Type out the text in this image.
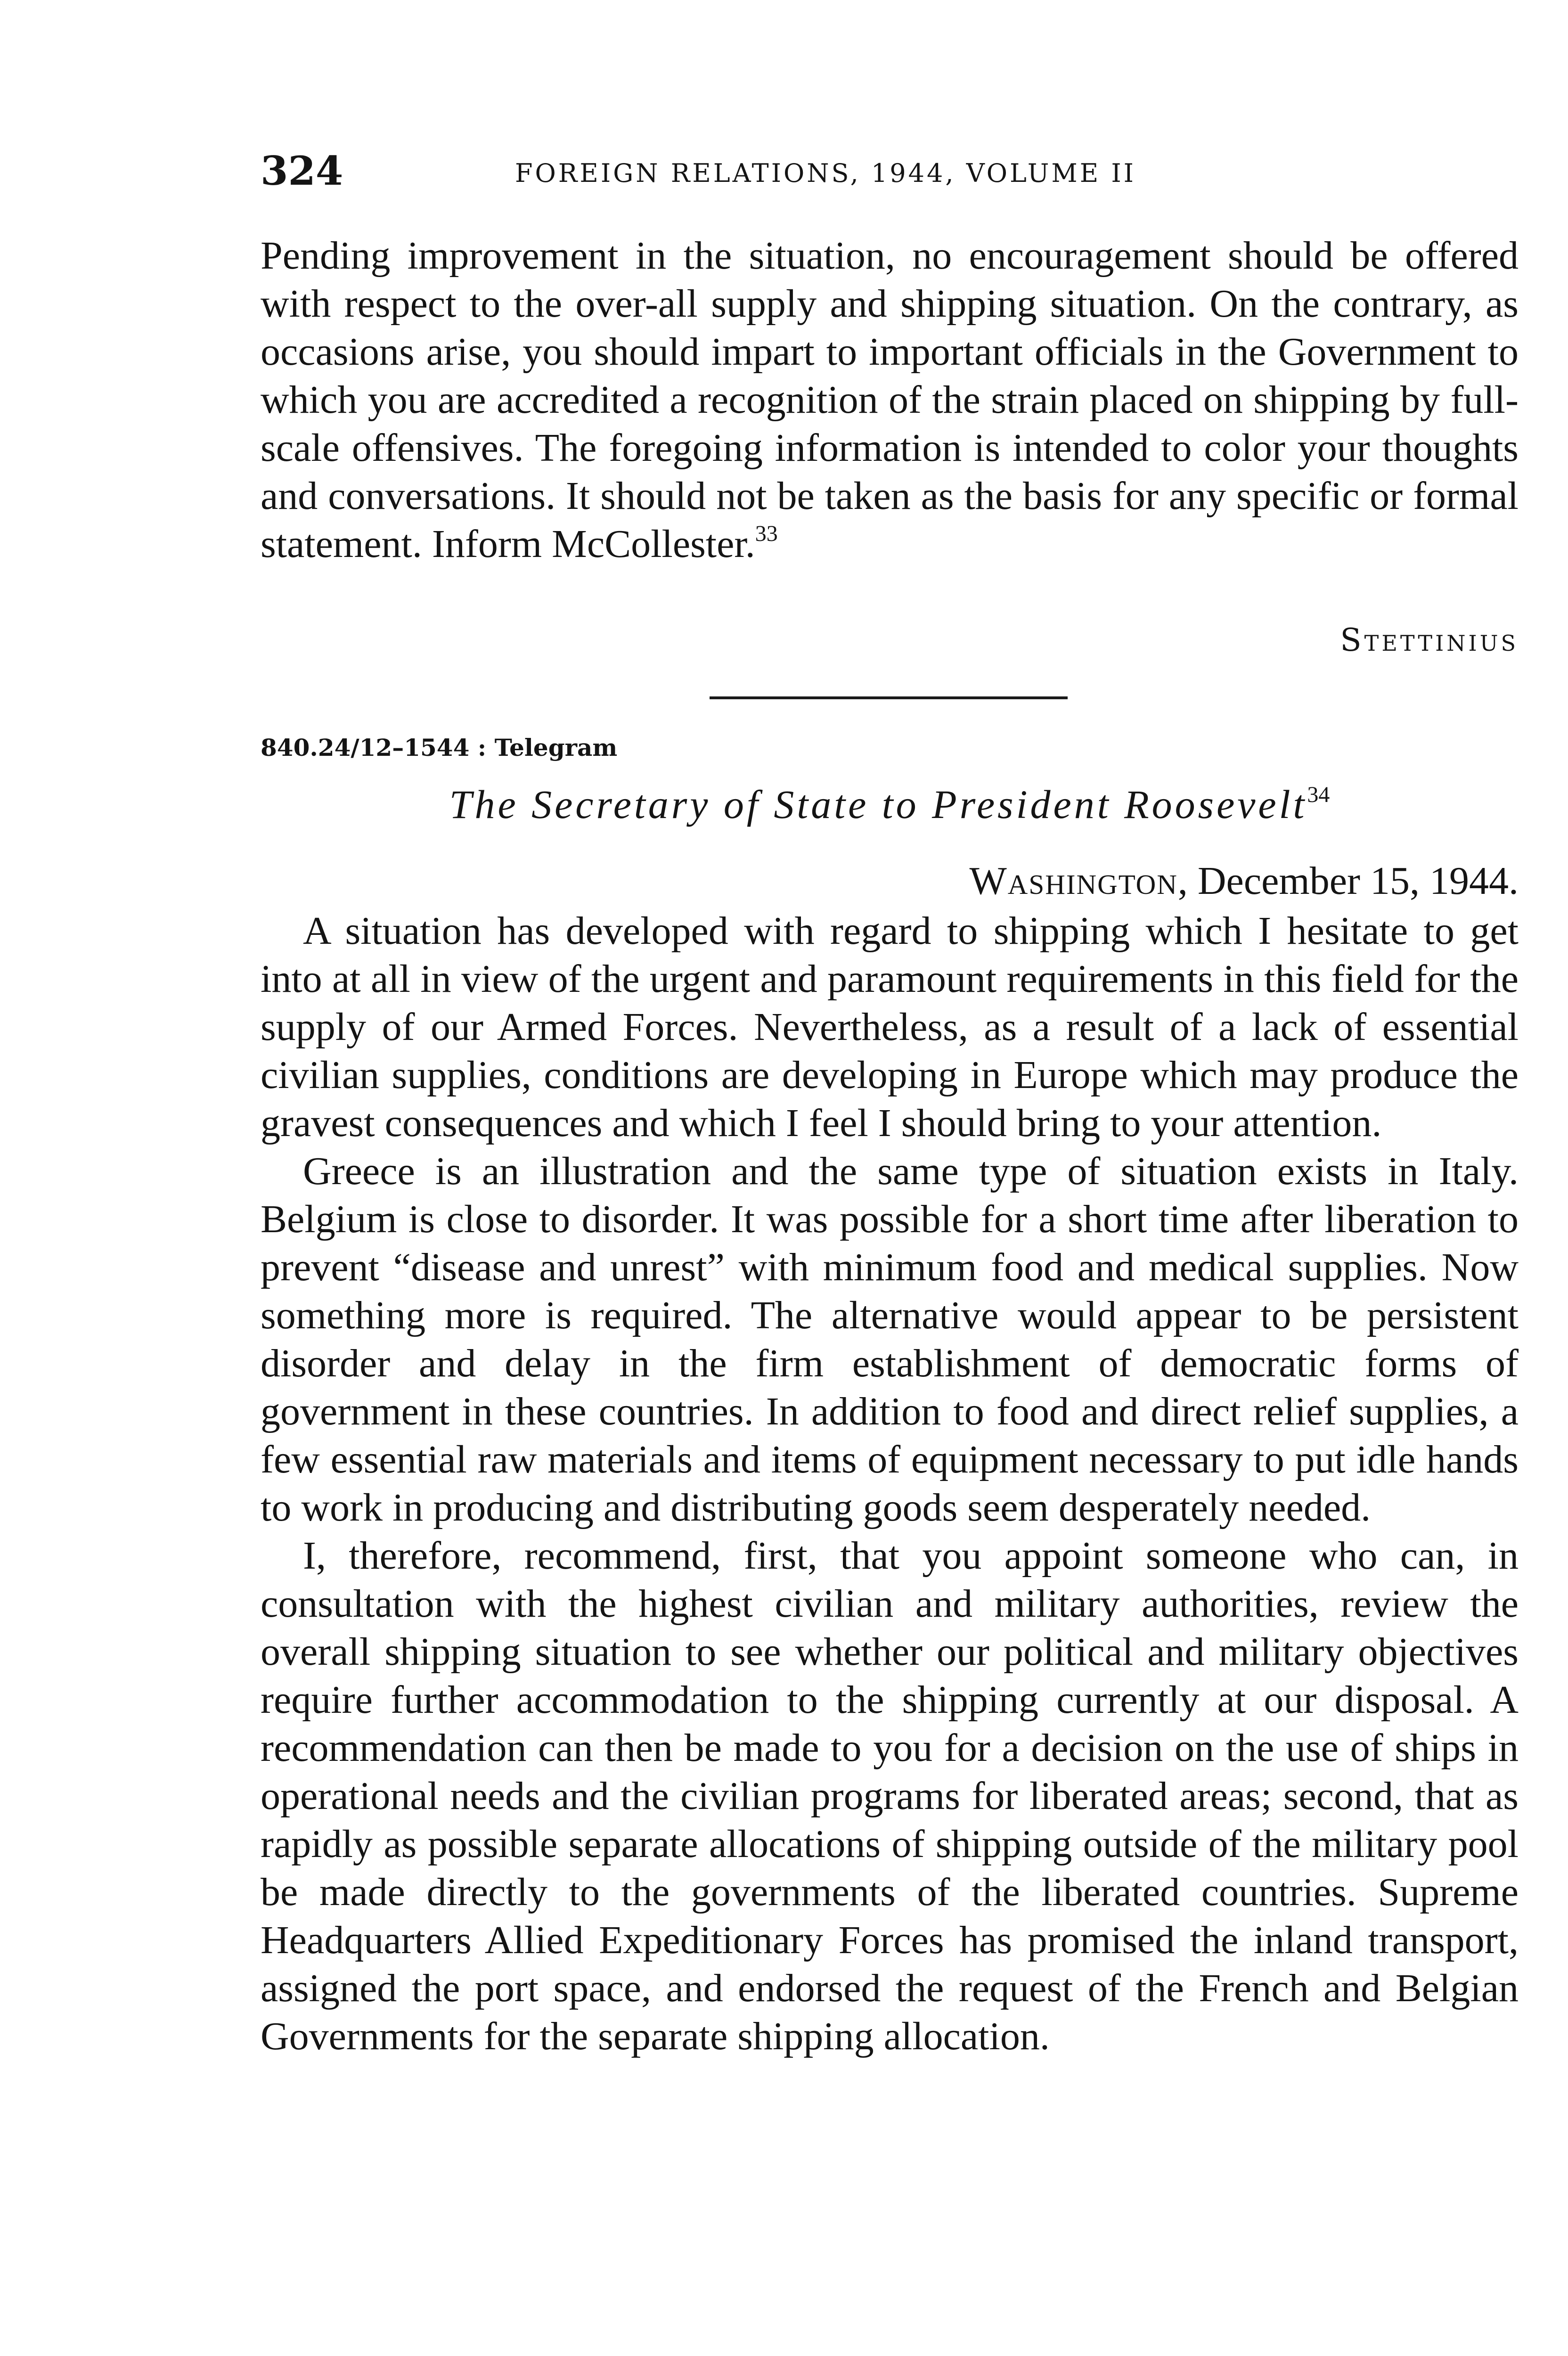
324	FOREIGN RELATIONS, 1944, VOLUME II

Pending improvement in the situation, no encouragement should be offered with respect to the over-all supply and shipping situation. On the contrary, as occasions arise, you should impart to important officials in the Government to which you are accredited a recognition of the strain placed on shipping by full-scale offensives. The foregoing information is intended to color your thoughts and conversations. It should not be taken as the basis for any specific or formal statement. Inform McCollester.$^{33}$

Stettinius
840.24/12–1544 : Telegram
The Secretary of State to President Roosevelt$^{34}$
Washington, December 15, 1944.

A situation has developed with regard to shipping which I hesitate to get into at all in view of the urgent and paramount requirements in this field for the supply of our Armed Forces. Nevertheless, as a result of a lack of essential civilian supplies, conditions are developing in Europe which may produce the gravest consequences and which I feel I should bring to your attention.

Greece is an illustration and the same type of situation exists in Italy. Belgium is close to disorder. It was possible for a short time after liberation to prevent “disease and unrest” with minimum food and medical supplies. Now something more is required. The alternative would appear to be persistent disorder and delay in the firm establishment of democratic forms of government in these countries. In addition to food and direct relief supplies, a few essential raw materials and items of equipment necessary to put idle hands to work in producing and distributing goods seem desperately needed.

I, therefore, recommend, first, that you appoint someone who can, in consultation with the highest civilian and military authorities, review the overall shipping situation to see whether our political and military objectives require further accommodation to the shipping currently at our disposal. A recommendation can then be made to you for a decision on the use of ships in operational needs and the civilian programs for liberated areas; second, that as rapidly as possible separate allocations of shipping outside of the military pool be made directly to the governments of the liberated countries. Supreme Headquarters Allied Expeditionary Forces has promised the inland transport, assigned the port space, and endorsed the request of the French and Belgian Governments for the separate shipping allocation.
